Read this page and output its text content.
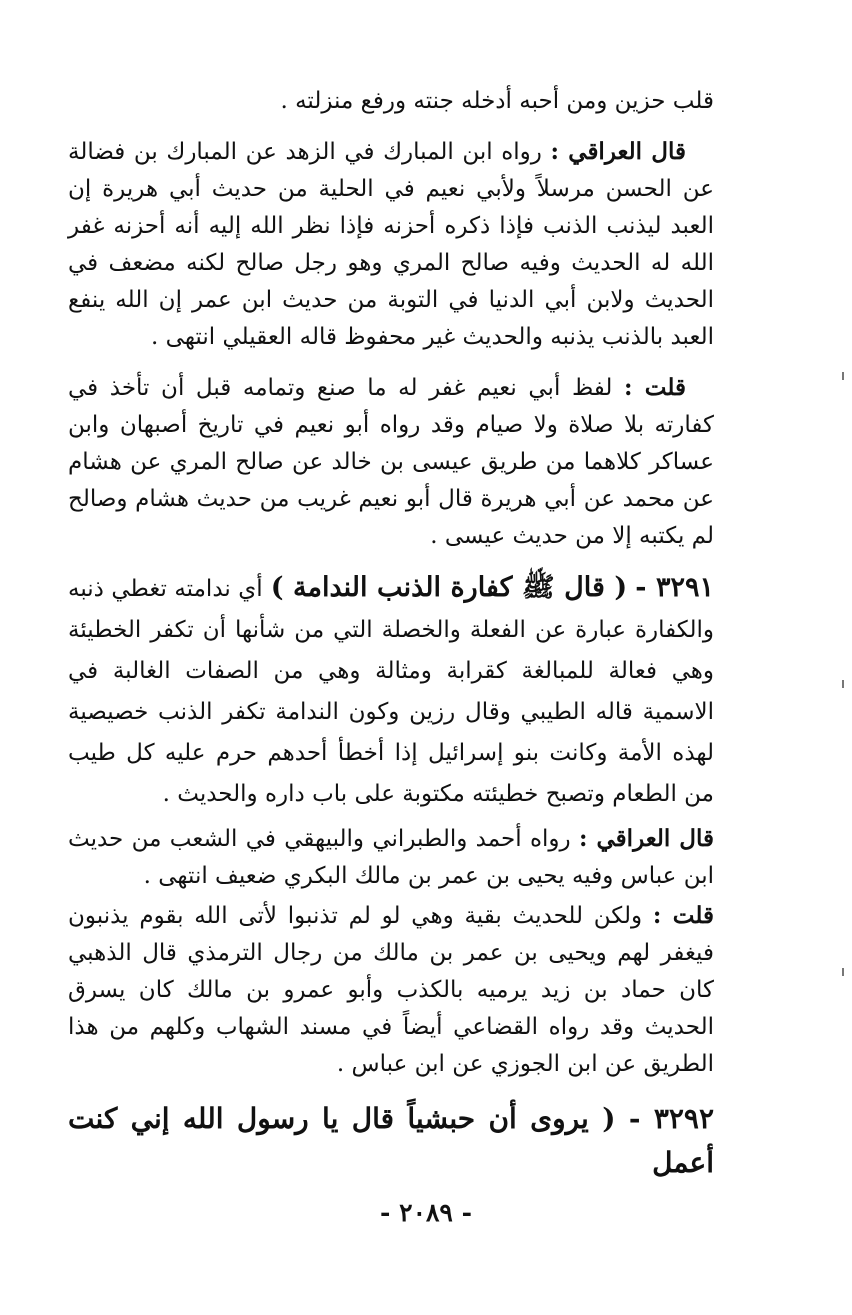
قلب حزين ومن أحبه أدخله جنته ورفع منزلته .

قال العراقي : رواه ابن المبارك في الزهد عن المبارك بن فضالة عن الحسن مرسلاً ولأبي نعيم في الحلية من حديث أبي هريرة إن العبد ليذنب الذنب فإذا ذكره أحزنه فإذا نظر الله إليه أنه أحزنه غفر الله له الحديث وفيه صالح المري وهو رجل صالح لكنه مضعف في الحديث ولابن أبي الدنيا في التوبة من حديث ابن عمر إن الله ينفع العبد بالذنب يذنبه والحديث غير محفوظ قاله العقيلي انتهى .

قلت : لفظ أبي نعيم غفر له ما صنع وتمامه قبل أن تأخذ في كفارته بلا صلاة ولا صيام وقد رواه أبو نعيم في تاريخ أصبهان وابن عساكر كلاهما من طريق عيسى بن خالد عن صالح المري عن هشام عن محمد عن أبي هريرة قال أبو نعيم غريب من حديث هشام وصالح لم يكتبه إلا من حديث عيسى .

٣٢٩١ - ( قال ﷺ كفارة الذنب الندامة ) أي ندامته تغطي ذنبه والكفارة عبارة عن الفعلة والخصلة التي من شأنها أن تكفر الخطيئة وهي فعالة للمبالغة كقرابة ومثالة وهي من الصفات الغالبة في الاسمية قاله الطيبي وقال رزين وكون الندامة تكفر الذنب خصيصية لهذه الأمة وكانت بنو إسرائيل إذا أخطأ أحدهم حرم عليه كل طيب من الطعام وتصبح خطيئته مكتوبة على باب داره والحديث .

قال العراقي : رواه أحمد والطبراني والبيهقي في الشعب من حديث ابن عباس وفيه يحيى بن عمر بن مالك البكري ضعيف انتهى .

قلت : ولكن للحديث بقية وهي لو لم تذنبوا لأتى الله بقوم يذنبون فيغفر لهم ويحيى بن عمر بن مالك من رجال الترمذي قال الذهبي كان حماد بن زيد يرميه بالكذب وأبو عمرو بن مالك كان يسرق الحديث وقد رواه القضاعي أيضاً في مسند الشهاب وكلهم من هذا الطريق عن ابن الجوزي عن ابن عباس .

٣٢٩٢ - ( يروى أن حبشياً قال يا رسول الله إني كنت أعمل

- ٢٠٨٩ -
